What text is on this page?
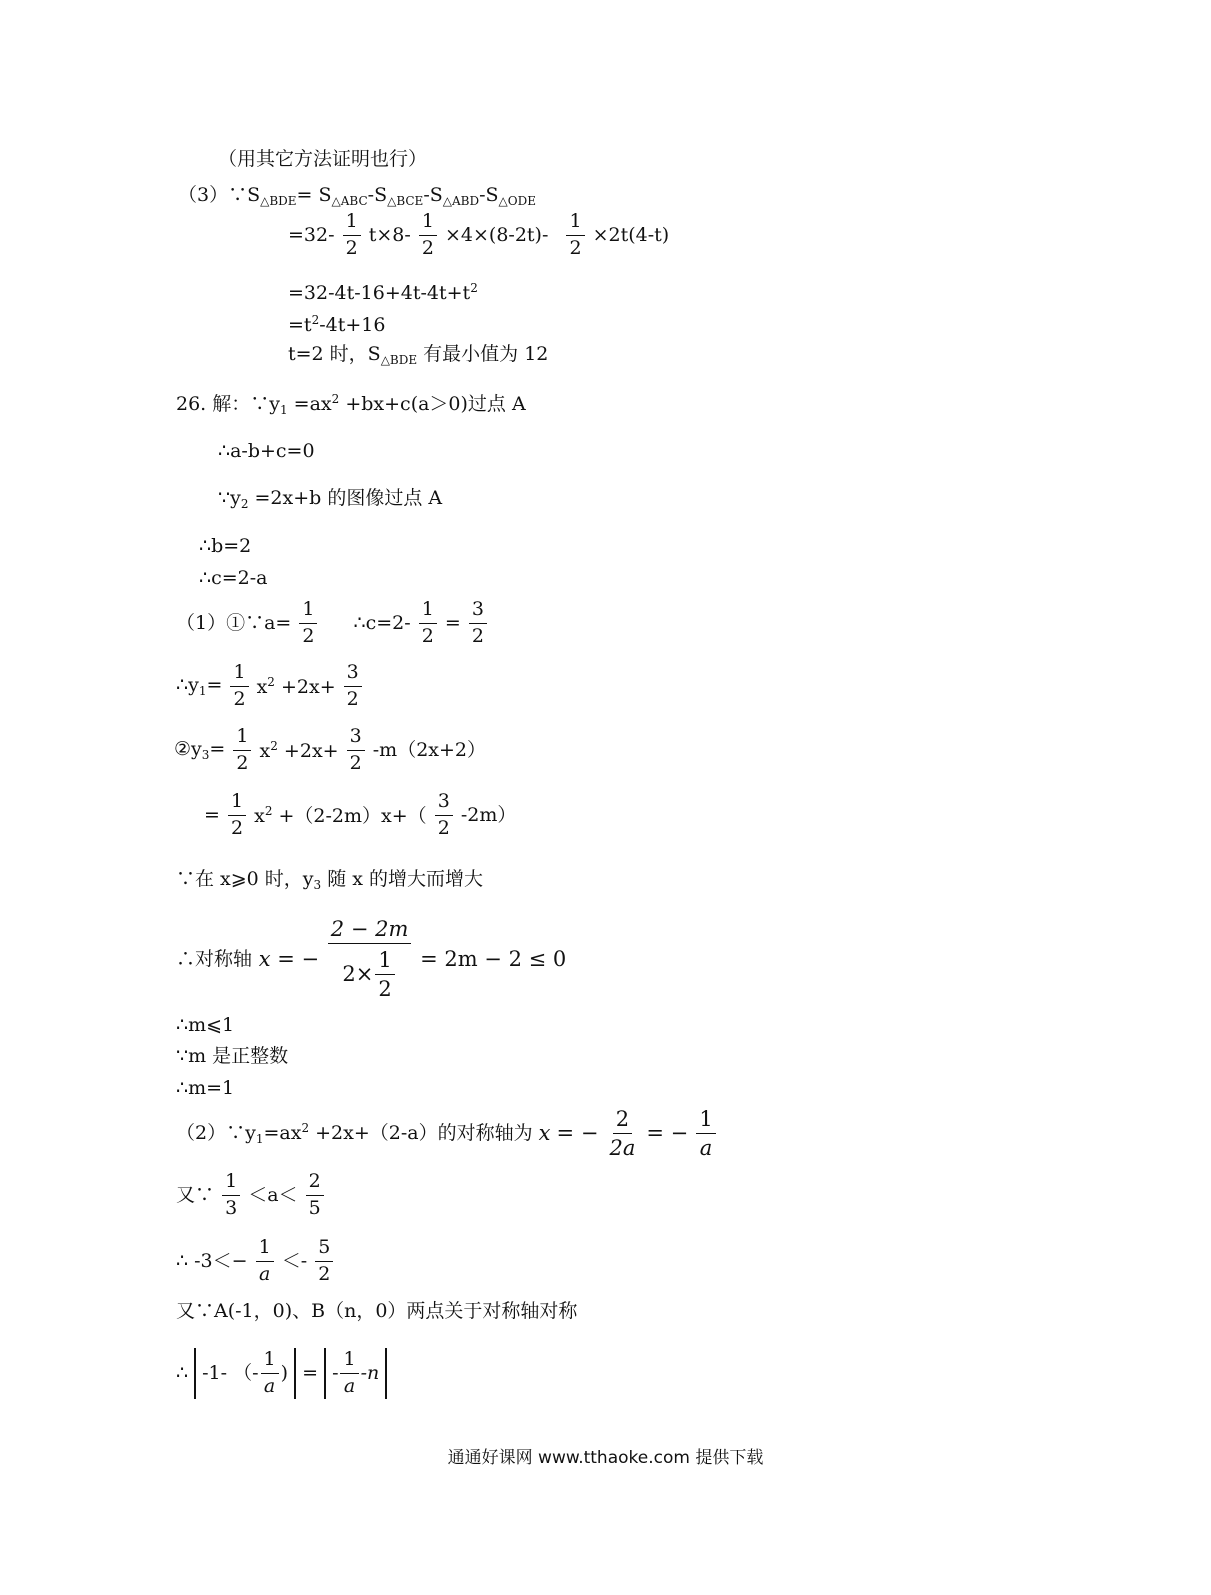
（用其它方法证明也行）
$(3)\because S_{\triangle BDE}= S_{\triangle ABC}-S_{\triangle BCE}-S_{\triangle ABD}-S_{\triangle ODE}$
$=32- \frac{1}{2} t\times 8- \frac{1}{2} \times 4\times(8-2t)- \frac{1}{2} \times 2t(4-t)$
$=32-4t-16+4t-4t+t^2$
$=t^2-4t+16$
t=2 时，$S_{\triangle BDE}$ 有最小值为 12
26. 解：$\because y_1 =ax^2 +bx+c(a>0)$过点 A
∴a-b+c=0
$\because y_2 =2x+b$ 的图像过点 A
∴b=2
∴c=2-a
（1）①∵a= $\frac{1}{2}$ ∴c=2- $\frac{1}{2} = \frac{3}{2}$
$\therefore y_1= \frac{1}{2} x^2 +2x+ \frac{3}{2}$
$②y_3= \frac{1}{2} x^2 +2x+ \frac{3}{2} -m(2x+2)$
= $\frac{1}{2} x^2 +(2-2m)x+( \frac{3}{2} -2m)$
∵在 x⩾0 时，$y_3$ 随 x 的增大而增大
∴对称轴 x = − $\frac{2 - 2m}{2\times \frac{1}{2}} = 2m - 2 \le 0$
∴m⩽1
∵m 是正整数
∴m=1
$(2)\because y_1=ax^2 +2x+(2-a)$的对称轴为 x = − $\frac{2}{2a}$ = − $\frac{1}{a}$
又∵ $\frac{1}{3} <a< \frac{2}{5}$
∴ $-3<- \frac{1}{a} <- \frac{5}{2}$
又∵A(-1，0)、B（n，0）两点关于对称轴对称
∴ -1- （- $\frac{1}{a}$ ) = - $\frac{1}{a} -n$
通通好课网 www.tthaoke.com 提供下载
